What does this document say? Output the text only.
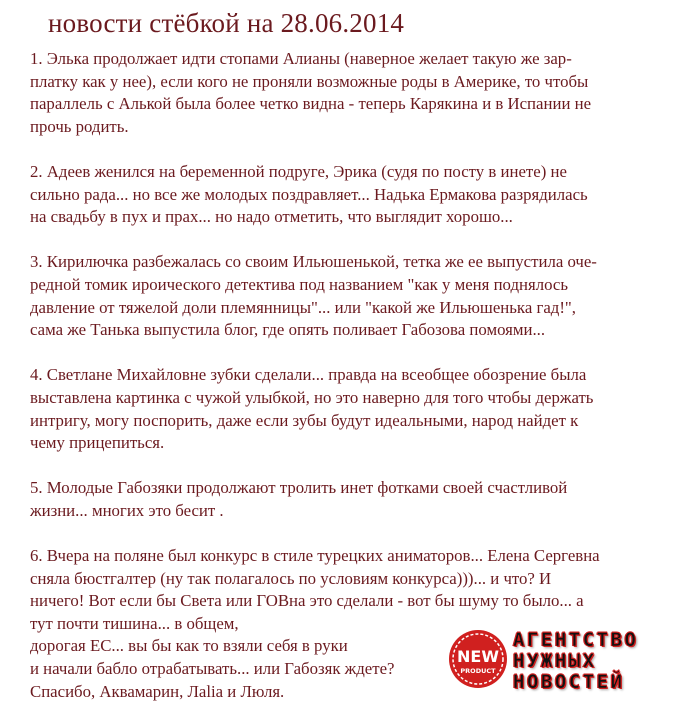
новости стёбкой на 28.06.2014
1. Элька продолжает идти стопами Алианы (наверное желает такую же зар-
платку как у нее), если кого не проняли возможные роды в Америке, то чтобы
параллель с Алькой была более четко видна - теперь Карякина и в Испании не
прочь родить.
2. Адеев женился на беременной подруге, Эрика (судя по посту в инете) не
сильно рада... но все же молодых поздравляет... Надька Ермакова разрядилась
на свадьбу в пух и прах... но надо отметить, что выглядит хорошо...
3. Кирилючка разбежалась со своим Ильюшенькой, тетка же ее выпустила оче-
редной томик ироического детектива под названием "как у меня поднялось
давление от тяжелой доли племянницы"... или "какой же Ильюшенька гад!",
сама же Танька выпустила блог, где опять поливает Габозова помоями...
4. Светлане Михайловне зубки сделали... правда на всеобщее обозрение была
выставлена картинка с чужой улыбкой, но это наверно для того чтобы держать
интригу, могу поспорить, даже если зубы будут идеальными, народ найдет к
чему прицепиться.
5. Молодые Габозяки продолжают тролить инет фотками своей счастливой
жизни... многих это бесит .
6. Вчера на поляне был конкурс в стиле турецких аниматоров... Елена Сергевна
сняла бюстгалтер (ну так полагалось по условиям конкурса)))... и что? И
ничего! Вот если бы Света или ГОВна это сделали - вот бы шуму то было... а
тут почти тишина... в общем,
дорогая ЕС... вы бы как то взяли себя в руки
и начали бабло отрабатывать... или Габозяк ждете?
Спасибо, Аквамарин, Лаlia и Люля.
NEW
PRODUCT
АГЕНТСТВО
НУЖНЫХ
НОВОСТЕЙ
